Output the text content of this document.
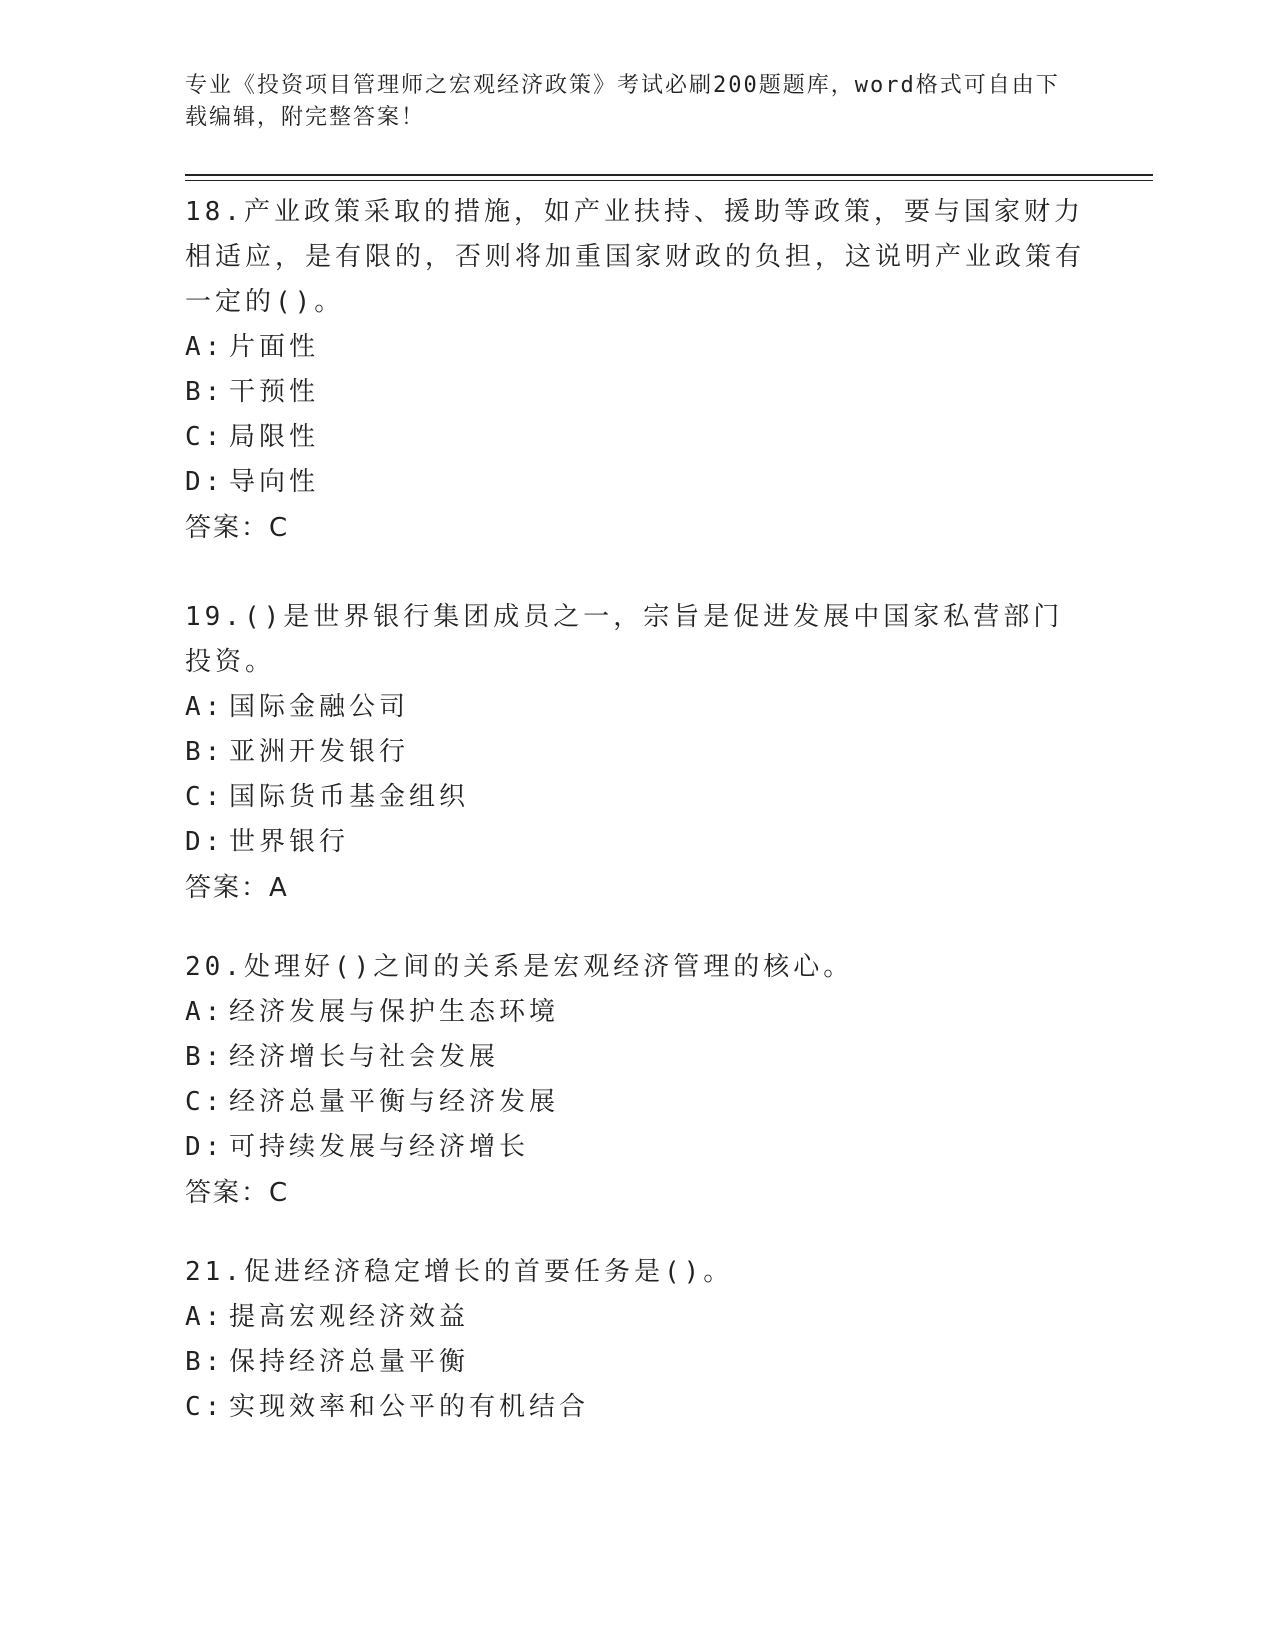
专业《投资项目管理师之宏观经济政策》考试必刷200题题库，word格式可自由下载编辑，附完整答案！
18.产业政策采取的措施，如产业扶持、援助等政策，要与国家财力相适应，是有限的，否则将加重国家财政的负担，这说明产业政策有一定的()。
A: 片面性
B: 干预性
C: 局限性
D: 导向性
答案：C
19.()是世界银行集团成员之一，宗旨是促进发展中国家私营部门投资。
A: 国际金融公司
B: 亚洲开发银行
C: 国际货币基金组织
D: 世界银行
答案：A
20.处理好()之间的关系是宏观经济管理的核心。
A: 经济发展与保护生态环境
B: 经济增长与社会发展
C: 经济总量平衡与经济发展
D: 可持续发展与经济增长
答案：C
21.促进经济稳定增长的首要任务是()。
A: 提高宏观经济效益
B: 保持经济总量平衡
C: 实现效率和公平的有机结合
